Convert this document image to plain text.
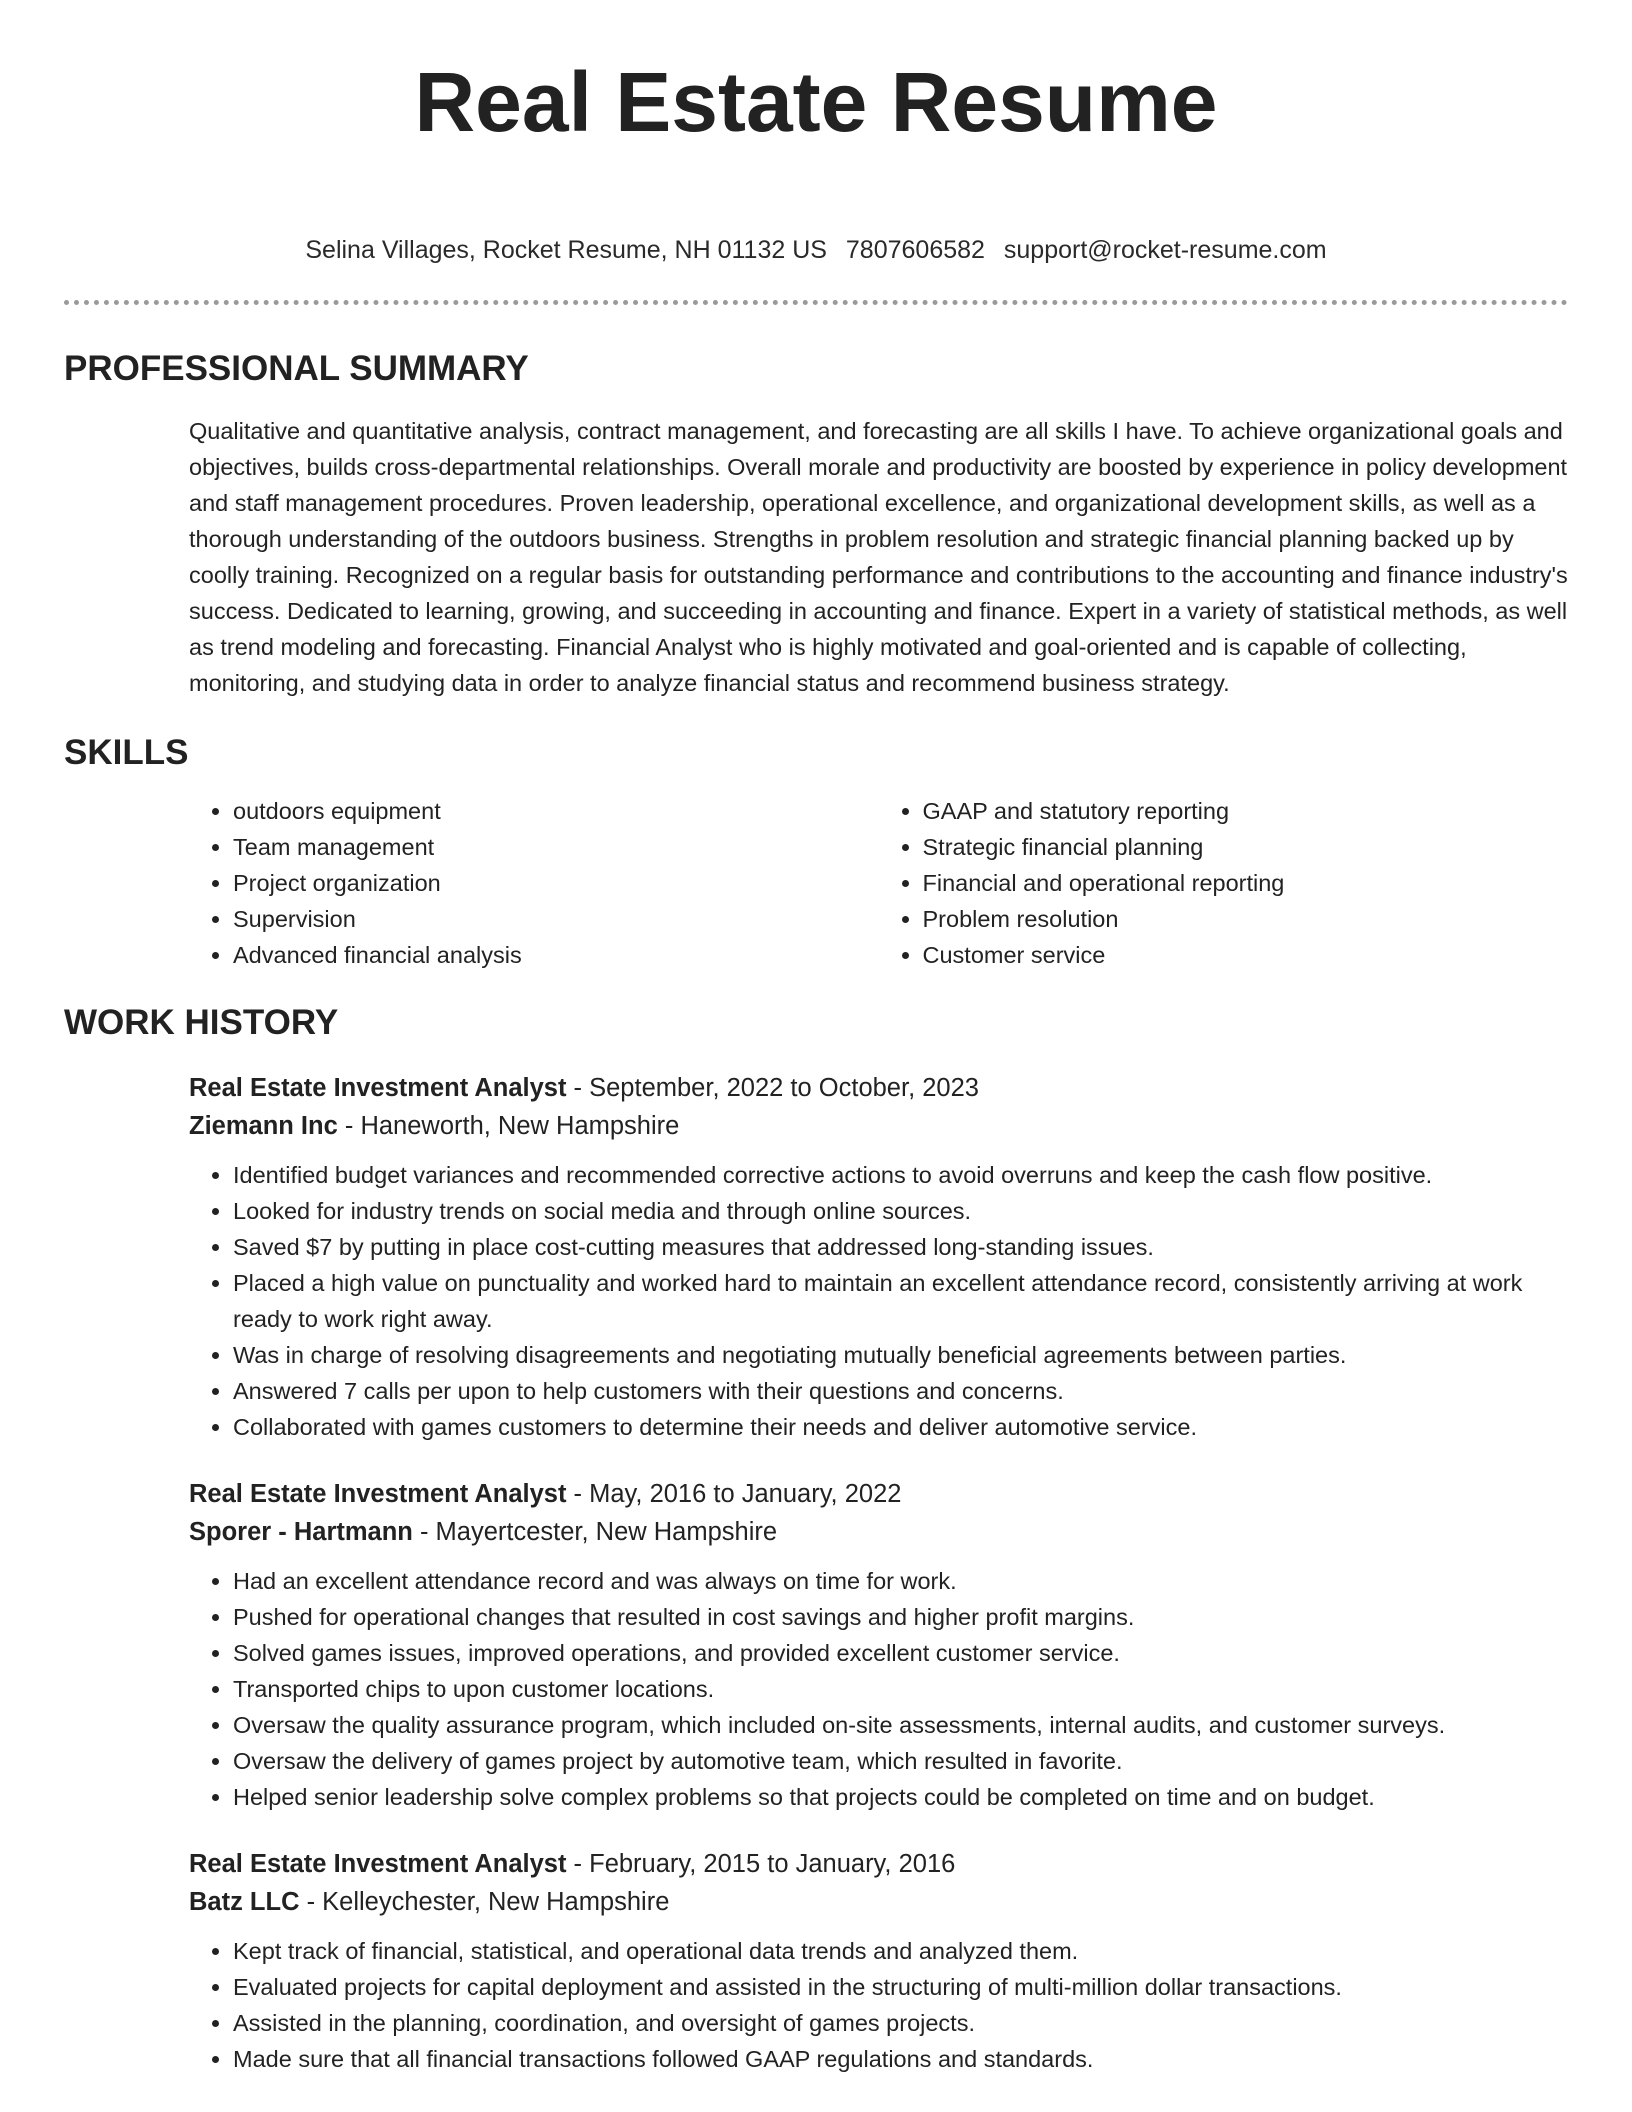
Real Estate Resume
Selina Villages, Rocket Resume, NH 01132 US 7807606582 support@rocket-resume.com
PROFESSIONAL SUMMARY

Qualitative and quantitative analysis, contract management, and forecasting are all skills I have. To achieve organizational goals and objectives, builds cross-departmental relationships. Overall morale and productivity are boosted by experience in policy development and staff management procedures. Proven leadership, operational excellence, and organizational development skills, as well as a thorough understanding of the outdoors business. Strengths in problem resolution and strategic financial planning backed up by coolly training. Recognized on a regular basis for outstanding performance and contributions to the accounting and finance industry's success. Dedicated to learning, growing, and succeeding in accounting and finance. Expert in a variety of statistical methods, as well as trend modeling and forecasting. Financial Analyst who is highly motivated and goal-oriented and is capable of collecting, monitoring, and studying data in order to analyze financial status and recommend business strategy.

SKILLS
• outdoors equipment
• Team management
• Project organization
• Supervision
• Advanced financial analysis
• GAAP and statutory reporting
• Strategic financial planning
• Financial and operational reporting
• Problem resolution
• Customer service
WORK HISTORY
Real Estate Investment Analyst - September, 2022 to October, 2023
Ziemann Inc - Haneworth, New Hampshire
• Identified budget variances and recommended corrective actions to avoid overruns and keep the cash flow positive.
• Looked for industry trends on social media and through online sources.
• Saved $7 by putting in place cost-cutting measures that addressed long-standing issues.
• Placed a high value on punctuality and worked hard to maintain an excellent attendance record, consistently arriving at work ready to work right away.
• Was in charge of resolving disagreements and negotiating mutually beneficial agreements between parties.
• Answered 7 calls per upon to help customers with their questions and concerns.
• Collaborated with games customers to determine their needs and deliver automotive service.
Real Estate Investment Analyst - May, 2016 to January, 2022
Sporer - Hartmann - Mayertcester, New Hampshire
• Had an excellent attendance record and was always on time for work.
• Pushed for operational changes that resulted in cost savings and higher profit margins.
• Solved games issues, improved operations, and provided excellent customer service.
• Transported chips to upon customer locations.
• Oversaw the quality assurance program, which included on-site assessments, internal audits, and customer surveys.
• Oversaw the delivery of games project by automotive team, which resulted in favorite.
• Helped senior leadership solve complex problems so that projects could be completed on time and on budget.
Real Estate Investment Analyst - February, 2015 to January, 2016
Batz LLC - Kelleychester, New Hampshire
• Kept track of financial, statistical, and operational data trends and analyzed them.
• Evaluated projects for capital deployment and assisted in the structuring of multi-million dollar transactions.
• Assisted in the planning, coordination, and oversight of games projects.
• Made sure that all financial transactions followed GAAP regulations and standards.
